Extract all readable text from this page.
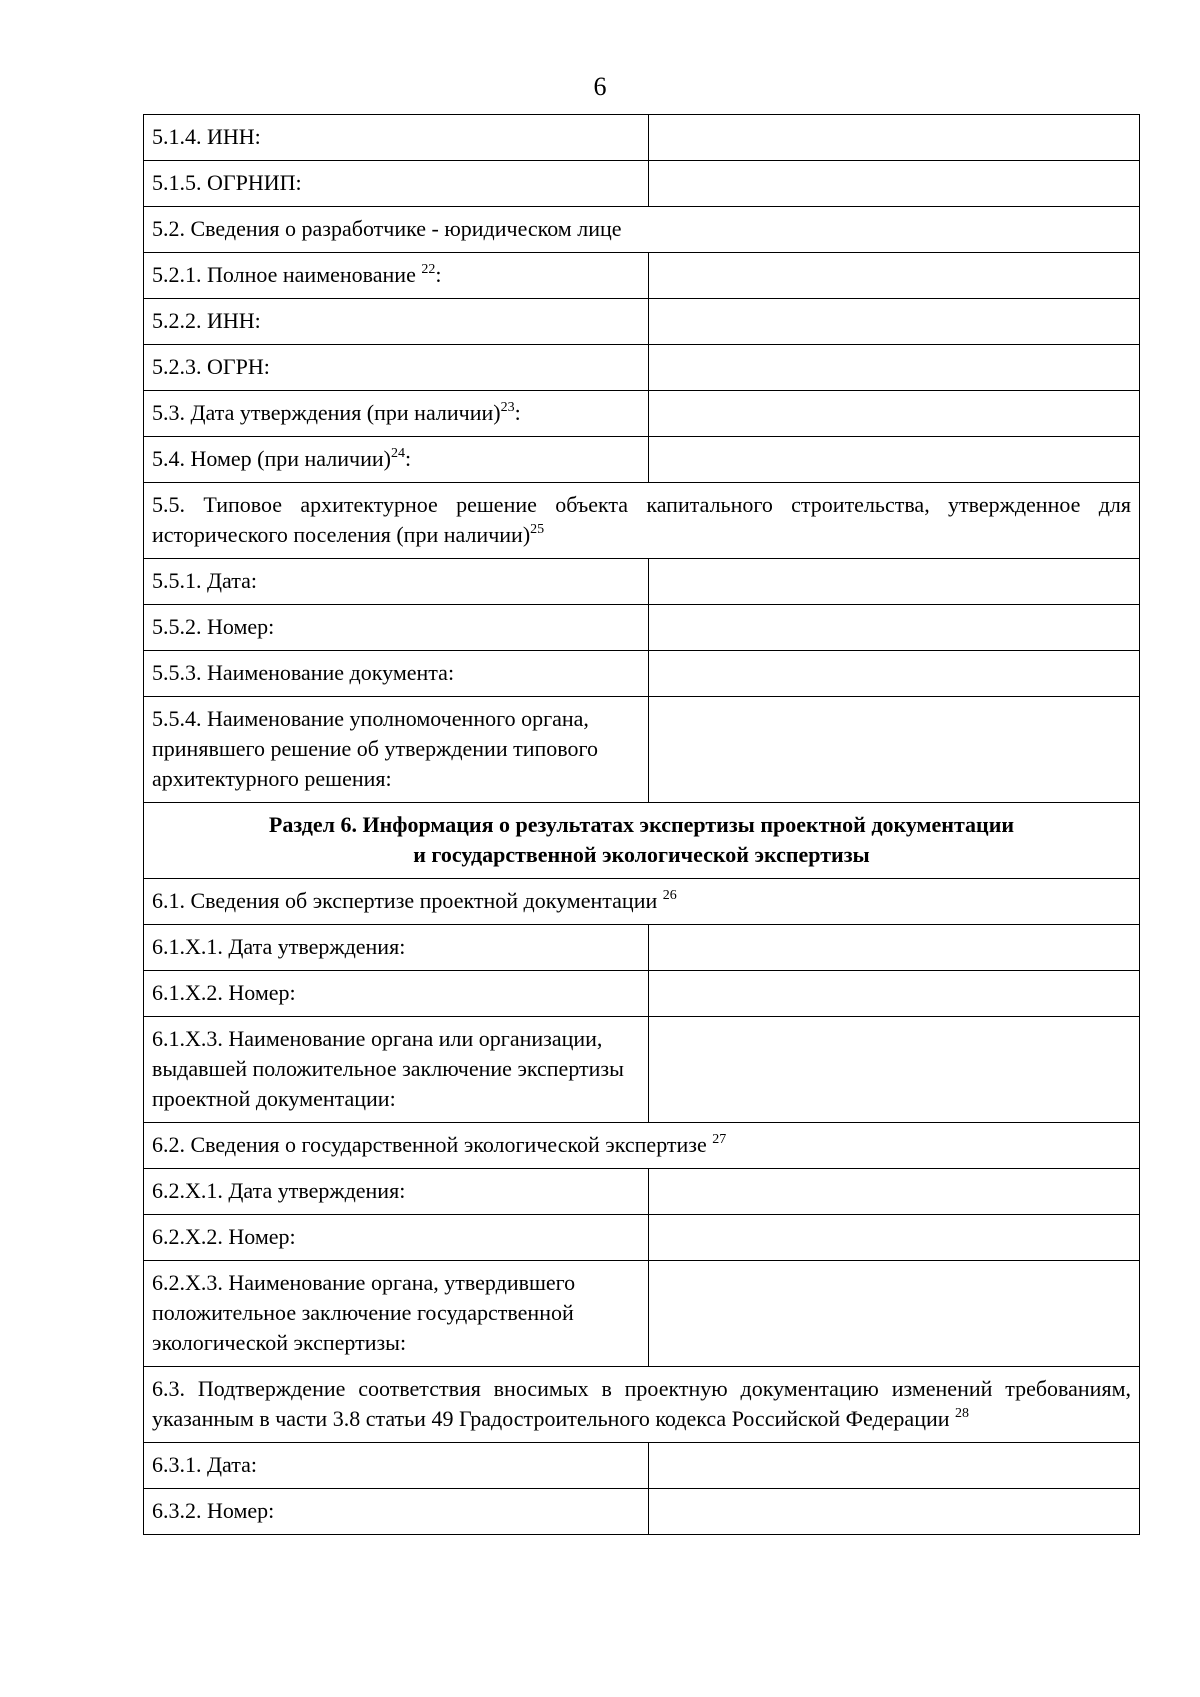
6
5.1.4. ИНН:	
5.1.5. ОГРНИП:	
5.2. Сведения о разработчике - юридическом лице	
5.2.1. Полное наименование $^{22}$:	
5.2.2. ИНН:	
5.2.3. ОГРН:	
5.3. Дата утверждения (при наличии)$^{23}$:	
5.4. Номер (при наличии)$^{24}$:	
5.5. Типовое архитектурное решение объекта капитального строительства, утвержденное для исторического поселения (при наличии)$^{25}$
5.5.1. Дата:	
5.5.2. Номер:	
5.5.3. Наименование документа:	
5.5.4. Наименование уполномоченного органа, принявшего решение об утверждении типового архитектурного решения:	
Раздел 6. Информация о результатах экспертизы проектной документации
и государственной экологической экспертизы	
6.1. Сведения об экспертизе проектной документации $^{26}$
6.1.X.1. Дата утверждения:	
6.1.X.2. Номер:	
6.1.X.3. Наименование органа или организации, выдавшей положительное заключение экспертизы проектной документации:	
6.2. Сведения о государственной экологической экспертизе $^{27}$
6.2.X.1. Дата утверждения:	
6.2.X.2. Номер:	
6.2.X.3. Наименование органа, утвердившего положительное заключение государственной экологической экспертизы:	
6.3. Подтверждение соответствия вносимых в проектную документацию изменений требованиям, указанным в части 3.8 статьи 49 Градостроительного кодекса Российской Федерации $^{28}$
6.3.1. Дата:	
6.3.2. Номер:	
